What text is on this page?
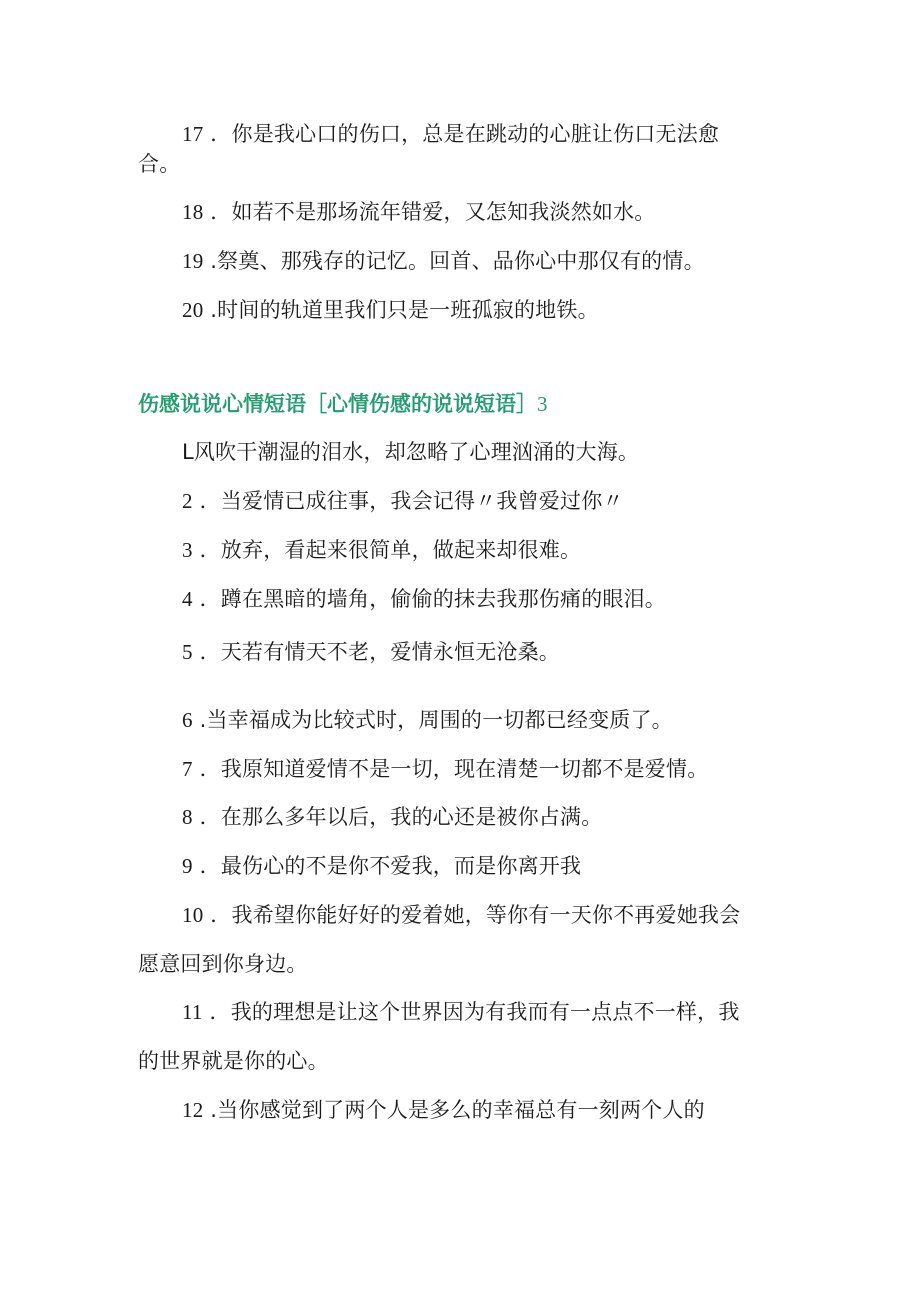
17 ．你是我心口的伤口，总是在跳动的心脏让伤口无法愈
合。
18 ．如若不是那场流年错爱，又怎知我淡然如水。
19 .祭奠、那残存的记忆。回首、品你心中那仅有的情。
20 .时间的轨道里我们只是一班孤寂的地铁。
伤感说说心情短语［心情伤感的说说短语］3
L风吹干潮湿的泪水，却忽略了心理汹涌的大海。
2 ．当爱情已成往事，我会记得〃我曾爱过你〃
3 ．放弃，看起来很简单，做起来却很难。
4 ．蹲在黑暗的墙角，偷偷的抹去我那伤痛的眼泪。
5 ．天若有情天不老，爱情永恒无沧桑。
6 .当幸福成为比较式时，周围的一切都已经变质了。
7 ．我原知道爱情不是一切，现在清楚一切都不是爱情。
8 ．在那么多年以后，我的心还是被你占满。
9 ．最伤心的不是你不爱我，而是你离开我
10 ．我希望你能好好的爱着她，等你有一天你不再爱她我会
愿意回到你身边。
11 ．我的理想是让这个世界因为有我而有一点点不一样，我
的世界就是你的心。
12 .当你感觉到了两个人是多么的幸福总有一刻两个人的
